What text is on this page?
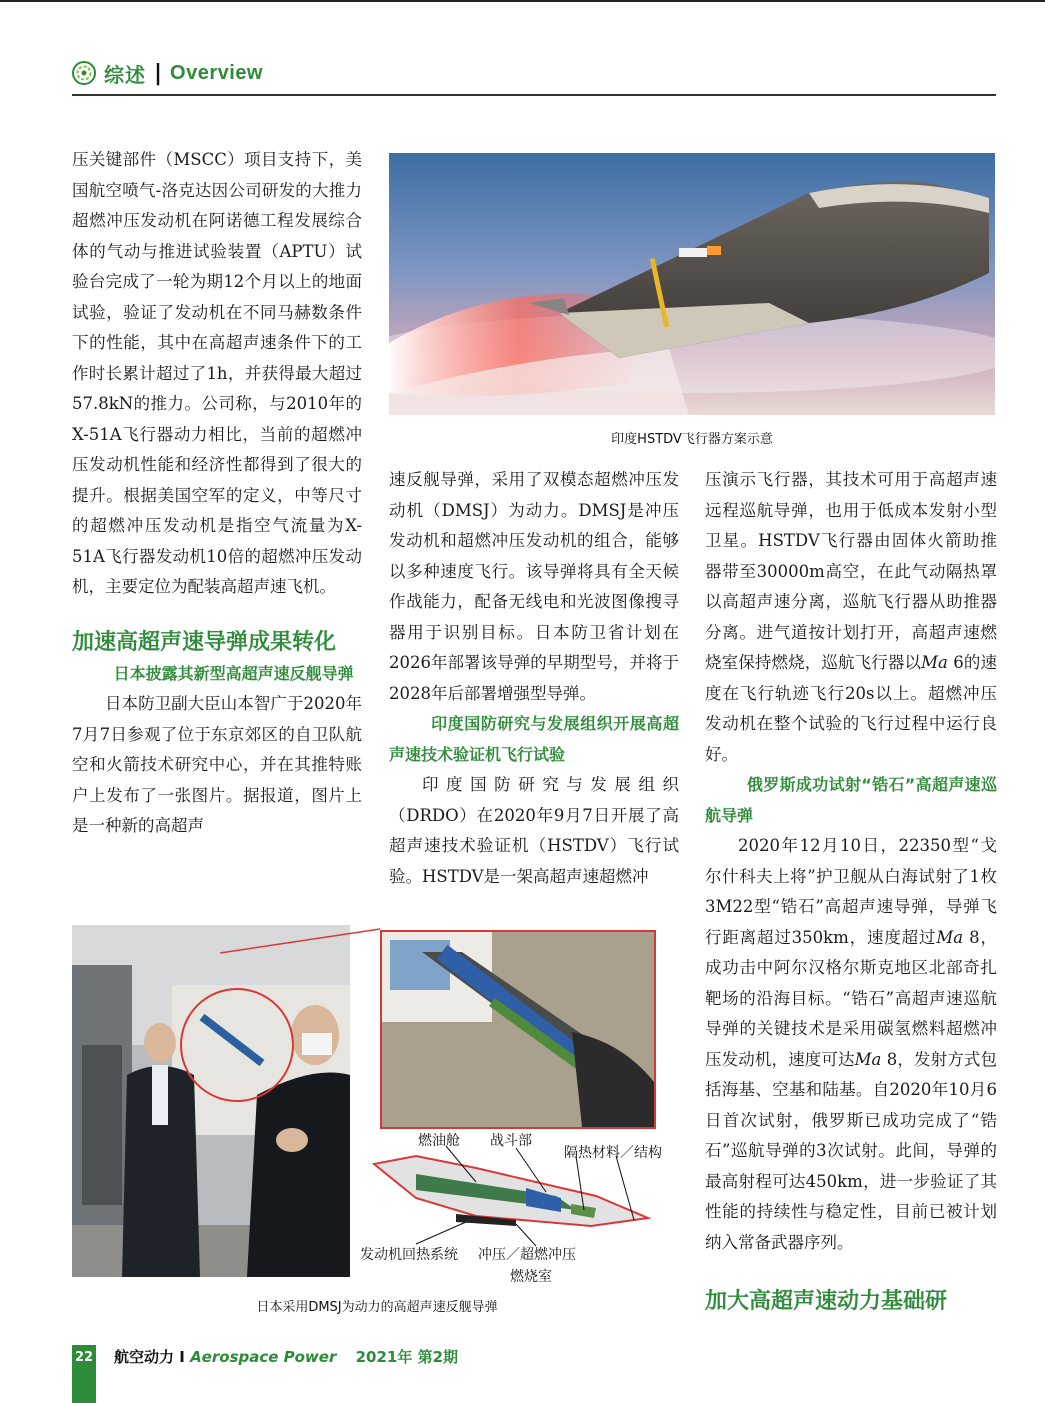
综述 | Overview

压关键部件（MSCC）项目支持下，美国航空喷气-洛克达因公司研发的大推力超燃冲压发动机在阿诺德工程发展综合体的气动与推进试验装置（APTU）试验台完成了一轮为期12个月以上的地面试验，验证了发动机在不同马赫数条件下的性能，其中在高超声速条件下的工作时长累计超过了1h，并获得最大超过57.8kN的推力。公司称，与2010年的X-51A飞行器动力相比，当前的超燃冲压发动机性能和经济性都得到了很大的提升。根据美国空军的定义，中等尺寸的超燃冲压发动机是指空气流量为X-51A飞行器发动机10倍的超燃冲压发动机，主要定位为配装高超声速飞机。

加速高超声速导弹成果转化
日本披露其新型高超声速反舰导弹

日本防卫副大臣山本智广于2020年7月7日参观了位于东京郊区的自卫队航空和火箭技术研究中心，并在其推特账户上发布了一张图片。据报道，图片上是一种新的高超声

印度HSTDV飞行器方案示意

速反舰导弹，采用了双模态超燃冲压发动机（DMSJ）为动力。DMSJ是冲压发动机和超燃冲压发动机的组合，能够以多种速度飞行。该导弹将具有全天候作战能力，配备无线电和光波图像搜寻器用于识别目标。日本防卫省计划在2026年部署该导弹的早期型号，并将于2028年后部署增强型导弹。

印度国防研究与发展组织开展高超声速技术验证机飞行试验

印度国防研究与发展组织（DRDO）在2020年9月7日开展了高超声速技术验证机（HSTDV）飞行试验。HSTDV是一架高超声速超燃冲

压演示飞行器，其技术可用于高超声速远程巡航导弹，也用于低成本发射小型卫星。HSTDV飞行器由固体火箭助推器带至30000m高空，在此气动隔热罩以高超声速分离，巡航飞行器从助推器分离。进气道按计划打开，高超声速燃烧室保持燃烧，巡航飞行器以Ma 6的速度在飞行轨迹飞行20s以上。超燃冲压发动机在整个试验的飞行过程中运行良好。

俄罗斯成功试射“锆石”高超声速巡航导弹

2020年12月10日，22350型“戈尔什科夫上将”护卫舰从白海试射了1枚3M22型“锆石”高超声速导弹，导弹飞行距离超过350km，速度超过Ma 8，成功击中阿尔汉格尔斯克地区北部奇扎靶场的沿海目标。“锆石”高超声速巡航导弹的关键技术是采用碳氢燃料超燃冲压发动机，速度可达Ma 8，发射方式包括海基、空基和陆基。自2020年10月6日首次试射，俄罗斯已成功完成了“锆石”巡航导弹的3次试射。此间，导弹的最高射程可达450km，进一步验证了其性能的持续性与稳定性，目前已被计划纳入常备武器序列。

加大高超声速动力基础研
燃油舱 战斗部
隔热材料／结构
发动机回热系统 冲压／超燃冲压
燃烧室
日本采用DMSJ为动力的高超声速反舰导弹
22 航空动力 I Aerospace Power 2021年 第2期
